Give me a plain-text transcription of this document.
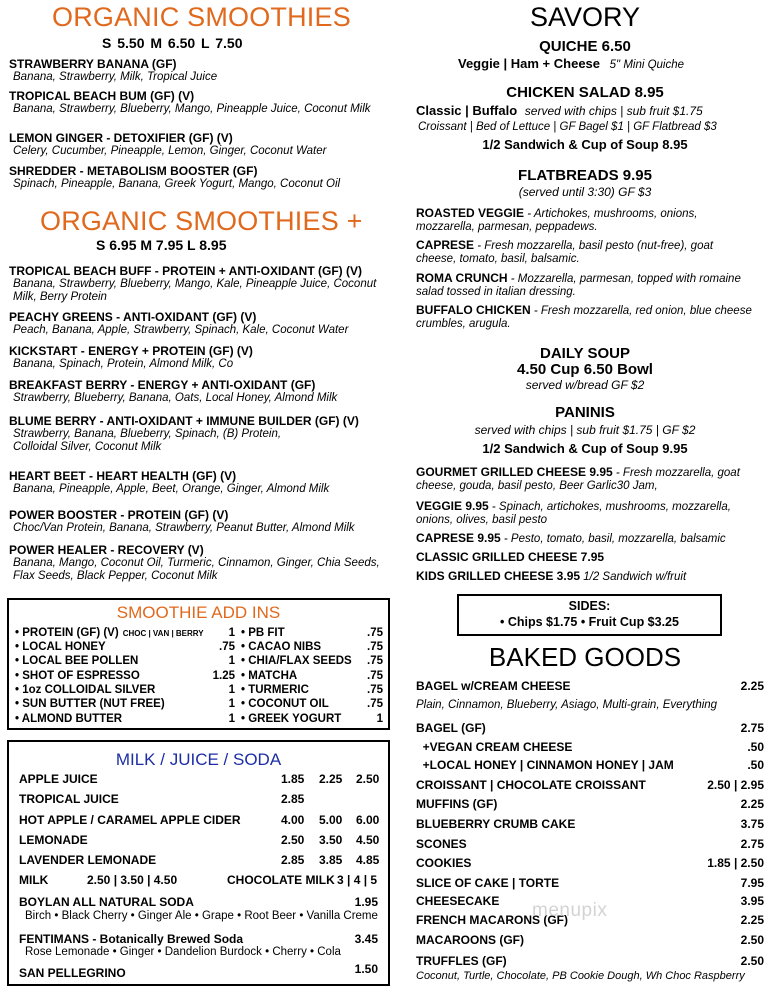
ORGANIC SMOOTHIES
S 5.50 M 6.50 L 7.50
STRAWBERRY BANANA (GF)
Banana, Strawberry, Milk, Tropical Juice
TROPICAL BEACH BUM (GF) (V)
Banana, Strawberry, Blueberry, Mango, Pineapple Juice, Coconut Milk
LEMON GINGER - DETOXIFIER (GF) (V)
Celery, Cucumber, Pineapple, Lemon, Ginger, Coconut Water
SHREDDER - METABOLISM BOOSTER (GF)
Spinach, Pineapple, Banana, Greek Yogurt, Mango, Coconut Oil
ORGANIC SMOOTHIES +
S 6.95 M 7.95 L 8.95
TROPICAL BEACH BUFF - PROTEIN + ANTI-OXIDANT (GF) (V)
Banana, Strawberry, Blueberry, Mango, Kale, Pineapple Juice, Coconut Milk, Berry Protein
PEACHY GREENS - ANTI-OXIDANT (GF) (V)
Peach, Banana, Apple, Strawberry, Spinach, Kale, Coconut Water
KICKSTART - ENERGY + PROTEIN (GF) (V)
Banana, Spinach, Protein, Almond Milk, Co
BREAKFAST BERRY - ENERGY + ANTI-OXIDANT (GF)
Strawberry, Blueberry, Banana, Oats, Local Honey, Almond Milk
BLUME BERRY - ANTI-OXIDANT + IMMUNE BUILDER (GF) (V)
Strawberry, Banana, Blueberry, Spinach, (B) Protein,
Colloidal Silver, Coconut Milk
HEART BEET - HEART HEALTH (GF) (V)
Banana, Pineapple, Apple, Beet, Orange, Ginger, Almond Milk
POWER BOOSTER - PROTEIN (GF) (V)
Choc/Van Protein, Banana, Strawberry, Peanut Butter, Almond Milk
POWER HEALER - RECOVERY (V)
Banana, Mango, Coconut Oil, Turmeric, Cinnamon, Ginger, Chia Seeds, Flax Seeds, Black Pepper, Coconut Milk
SMOOTHIE ADD INS
• PROTEIN (GF) (V) CHOC | VAN | BERRY 1
• LOCAL HONEY	.75
• LOCAL BEE POLLEN	1
• SHOT OF ESPRESSO	1.25
• 1oz COLLOIDAL SILVER	1
• SUN BUTTER (NUT FREE)	1
• ALMOND BUTTER	1
• PB FIT	.75
• CACAO NIBS	.75
• CHIA/FLAX SEEDS .75
• MATCHA	.75
• TURMERIC	.75
• COCONUT OIL	.75
• GREEK YOGURT	1
MILK / JUICE / SODA
APPLE JUICE	1.85 2.25 2.50
TROPICAL JUICE	2.85
HOT APPLE / CARAMEL APPLE CIDER	4.00 5.00 6.00
LEMONADE	2.50 3.50 4.50
LAVENDER LEMONADE	2.85 3.85 4.85
MILK	2.50 | 3.50 | 4.50	CHOCOLATE MILK 3 | 4 | 5
BOYLAN ALL NATURAL SODA	1.95
Birch • Black Cherry • Ginger Ale • Grape • Root Beer • Vanilla Creme
FENTIMANS - Botanically Brewed Soda	3.45
Rose Lemonade • Ginger • Dandelion Burdock • Cherry • Cola
SAN PELLEGRINO	1.50
SAVORY
QUICHE 6.50
Veggie | Ham + Cheese 5" Mini Quiche
CHICKEN SALAD 8.95
Classic | Buffalo served with chips | sub fruit $1.75
Croissant | Bed of Lettuce | GF Bagel $1 | GF Flatbread $3
1/2 Sandwich & Cup of Soup 8.95
FLATBREADS 9.95
(served until 3:30) GF $3
ROASTED VEGGIE - Artichokes, mushrooms, onions, mozzarella, parmesan, peppadews.
CAPRESE - Fresh mozzarella, basil pesto (nut-free), goat cheese, tomato, basil, balsamic.
ROMA CRUNCH - Mozzarella, parmesan, topped with romaine salad tossed in italian dressing.
BUFFALO CHICKEN - Fresh mozzarella, red onion, blue cheese crumbles, arugula.
DAILY SOUP
4.50 Cup 6.50 Bowl
served w/bread GF $2
PANINIS
served with chips | sub fruit $1.75 | GF $2
1/2 Sandwich & Cup of Soup 9.95
GOURMET GRILLED CHEESE 9.95 - Fresh mozzarella, goat cheese, gouda, basil pesto, Beer Garlic30 Jam,
VEGGIE 9.95 - Spinach, artichokes, mushrooms, mozzarella, onions, olives, basil pesto
CAPRESE 9.95 - Pesto, tomato, basil, mozzarella, balsamic
CLASSIC GRILLED CHEESE 7.95
KIDS GRILLED CHEESE 3.95 1/2 Sandwich w/fruit
SIDES:
• Chips $1.75 • Fruit Cup $3.25
BAKED GOODS
BAGEL w/CREAM CHEESE	2.25
BAGEL (GF)	2.75
+VEGAN CREAM CHEESE	.50
+LOCAL HONEY | CINNAMON HONEY | JAM	.50
CROISSANT | CHOCOLATE CROISSANT	2.50 | 2.95
MUFFINS (GF)	2.25
BLUEBERRY CRUMB CAKE	3.75
SCONES	2.75
COOKIES	1.85 | 2.50
SLICE OF CAKE | TORTE	7.95
CHEESECAKE	3.95
FRENCH MACARONS (GF)	2.25
MACAROONS (GF)	2.50
TRUFFLES (GF)	2.50
Plain, Cinnamon, Blueberry, Asiago, Multi-grain, Everything
Coconut, Turtle, Chocolate, PB Cookie Dough, Wh Choc Raspberry
menupix
